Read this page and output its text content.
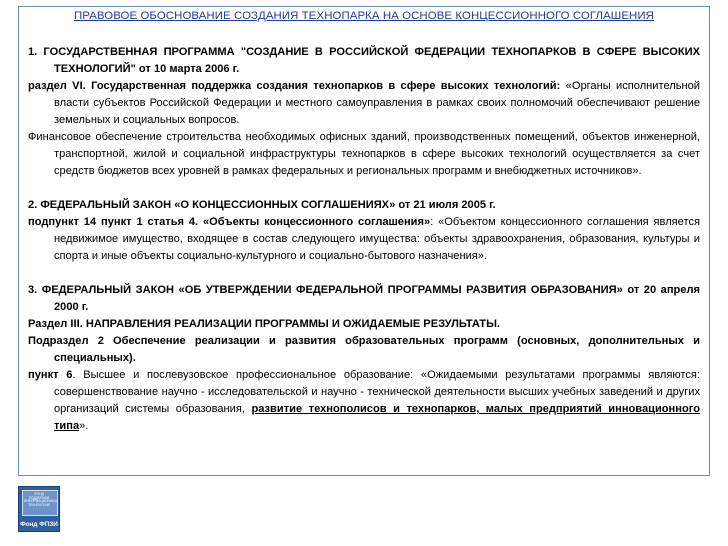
ПРАВОВОЕ ОБОСНОВАНИЕ СОЗДАНИЯ ТЕХНОПАРКА НА ОСНОВЕ КОНЦЕССИОННОГО СОГЛАШЕНИЯ

1. ГОСУДАРСТВЕННАЯ ПРОГРАММА "СОЗДАНИЕ В РОССИЙСКОЙ ФЕДЕРАЦИИ ТЕХНОПАРКОВ В СФЕРЕ ВЫСОКИХ ТЕХНОЛОГИЙ" от 10 марта 2006 г.

раздел VI. Государственная поддержка создания технопарков в сфере высоких технологий: «Органы исполнительной власти субъектов Российской Федерации и местного самоуправления в рамках своих полномочий обеспечивают решение земельных и социальных вопросов.

Финансовое обеспечение строительства необходимых офисных зданий, производственных помещений, объектов инженерной, транспортной, жилой и социальной инфраструктуры технопарков в сфере высоких технологий осуществляется за счет средств бюджетов всех уровней в рамках федеральных и региональных программ и внебюджетных источников».

2. ФЕДЕРАЛЬНЫЙ ЗАКОН «О КОНЦЕССИОННЫХ СОГЛАШЕНИЯХ» от 21 июля 2005 г.

подпункт 14 пункт 1 статья 4. «Объекты концессионного соглашения»: «Объектом концессионного соглашения является недвижимое имущество, входящее в состав следующего имущества: объекты здравоохранения, образования, культуры и спорта и иные объекты социально-культурного и социально-бытового назначения».

3. ФЕДЕРАЛЬНЫЙ ЗАКОН «ОБ УТВЕРЖДЕНИИ ФЕДЕРАЛЬНОЙ ПРОГРАММЫ РАЗВИТИЯ ОБРАЗОВАНИЯ» от 20 апреля 2000 г.

Раздел III. НАПРАВЛЕНИЯ РЕАЛИЗАЦИИ ПРОГРАММЫ И ОЖИДАЕМЫЕ РЕЗУЛЬТАТЫ.

Подраздел 2 Обеспечение реализации и развития образовательных программ (основных, дополнительных и специальных).

пункт 6. Высшее и послевузовское профессиональное образование: «Ожидаемыми результатами программы являются: совершенствование научно - исследовательской и научно - технической деятельности высших учебных заведений и других организаций системы образования, развитие технополисов и технопарков, малых предприятий инновационного типа».

ФОНД ПОДДЕРЖКИ ИНФОРМАЦИОННЫХ ТЕХНОЛОГИЙ
Фонд ФПЗИ
